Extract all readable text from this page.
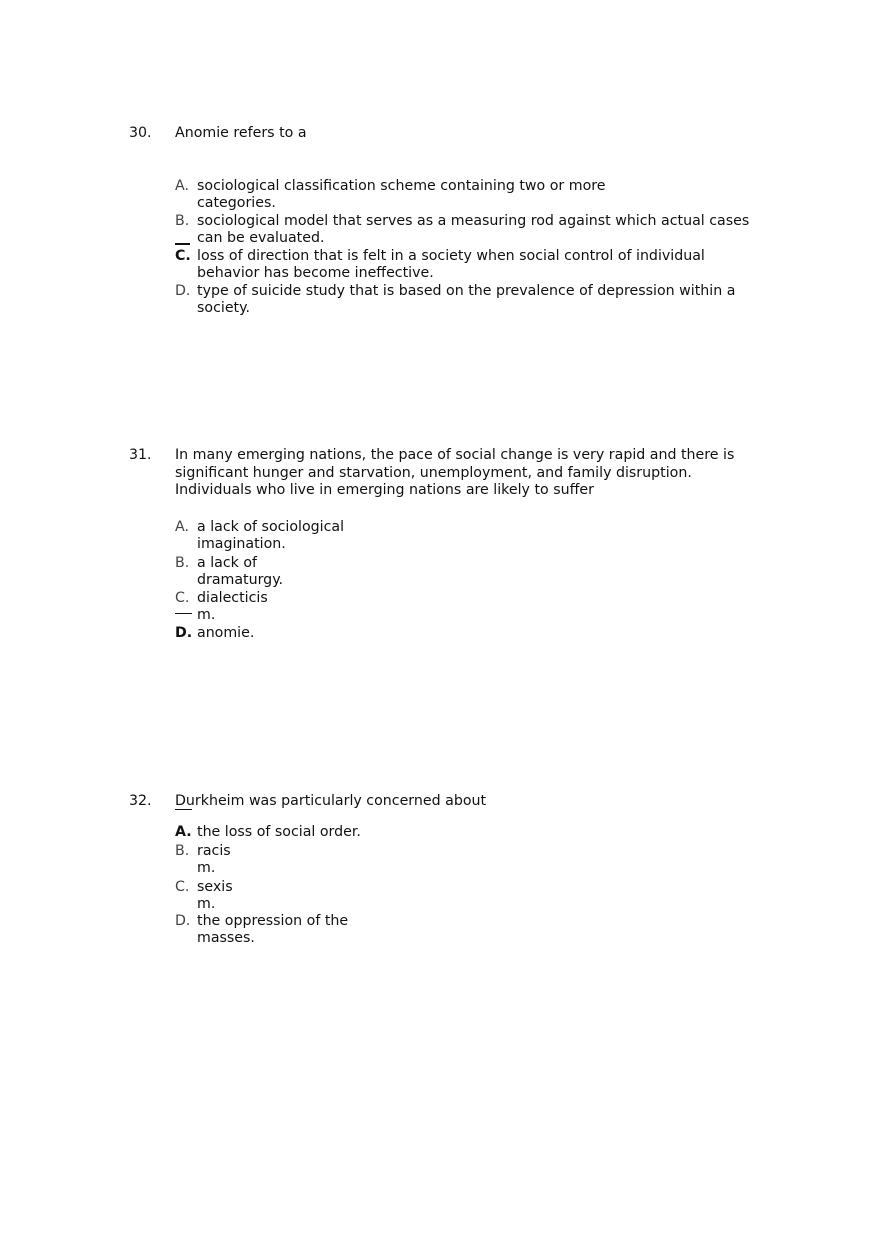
30. Anomie refers to a
A. sociological classification scheme containing two or more
categories.
B. sociological model that serves as a measuring rod against which actual cases
can be evaluated.
C. loss of direction that is felt in a society when social control of individual
behavior has become ineffective.
D. type of suicide study that is based on the prevalence of depression within a
society.
31. In many emerging nations, the pace of social change is very rapid and there is
significant hunger and starvation, unemployment, and family disruption.
Individuals who live in emerging nations are likely to suffer
A. a lack of sociological
imagination.
B. a lack of
dramaturgy.
C. dialecticis
m.
D. anomie.
32. Durkheim was particularly concerned about
A. the loss of social order.
B. racis
m.
C. sexis
m.
D. the oppression of the
masses.
